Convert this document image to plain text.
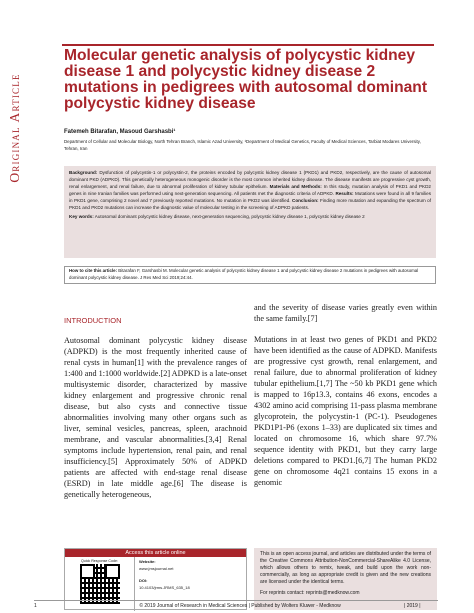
Original Article
Molecular genetic analysis of polycystic kidney disease 1 and polycystic kidney disease 2 mutations in pedigrees with autosomal dominant polycystic kidney disease
Fatemeh Bitarafan, Masoud Garshasbi¹
Department of Cellular and Molecular Biology, North Tehran Branch, Islamic Azad University, ¹Department of Medical Genetics, Faculty of Medical Sciences, Tarbiat Modares University, Tehran, Iran

Background: Dysfunction of polycystin-1 or polycystin-2, the proteins encoded by polycystic kidney disease 1 (PKD1) and PKD2, respectively, are the cause of autosomal dominant PKD (ADPKD). This genetically heterogeneous monogenic disorder is the most common inherited kidney disease. The disease manifests are progressive cyst growth, renal enlargement, and renal failure, due to abnormal proliferation of kidney tubular epithelium. Materials and Methods: In this study, mutation analysis of PKD1 and PKD2 genes in nine Iranian families was performed using next-generation sequencing. All patients met the diagnostic criteria of ADPKD. Results: Mutations were found in all 9 families in PKD1 gene, comprising 2 novel and 7 previously reported mutations. No mutation in PKD2 was identified. Conclusion: Finding more mutation and expanding the spectrum of PKD1 and PKD2 mutations can increase the diagnostic value of molecular testing in the screening of ADPKD patients.

Key words: Autosomal dominant polycystic kidney disease, next-generation sequencing, polycystic kidney disease 1, polycystic kidney disease 2

How to cite this article: Bitarafan F, Garshasbi M. Molecular genetic analysis of polycystic kidney disease 1 and polycystic kidney disease 2 mutations in pedigrees with autosomal dominant polycystic kidney disease. J Res Med Sci 2019;24:44.

INTRODUCTION

Autosomal dominant polycystic kidney disease (ADPKD) is the most frequently inherited cause of renal cysts in human[1] with the prevalence ranges of 1:400 and 1:1000 worldwide.[2] ADPKD is a late-onset multisystemic disorder, characterized by massive kidney enlargement and progressive chronic renal disease, but also cysts and connective tissue abnormalities involving many other organs such as liver, seminal vesicles, pancreas, spleen, arachnoid membrane, and vascular abnormalities.[3,4] Renal symptoms include hypertension, renal pain, and renal insufficiency.[5] Approximately 50% of ADPKD patients are affected with end-stage renal disease (ESRD) in late middle age.[6] The disease is genetically heterogeneous,

and the severity of disease varies greatly even within the same family.[7]

Mutations in at least two genes of PKD1 and PKD2 have been identified as the cause of ADPKD. Manifests are progressive cyst growth, renal enlargement, and renal failure, due to abnormal proliferation of kidney tubular epithelium.[1,7] The ~50 kb PKD1 gene which is mapped to 16p13.3, contains 46 exons, encodes a 4302 amino acid comprising 11-pass plasma membrane glycoprotein, the polycystin-1 (PC-1). Pseudogenes PKD1P1-P6 (exons 1–33) are duplicated six times and located on chromosome 16, which share 97.7% sequence identity with PKD1, but they carry large deletions compared to PKD1.[6,7] The human PKD2 gene on chromosome 4q21 contains 15 exons in a genomic

Access this article online
Quick Response Code:	Website:
www.jmsjournal.net
DOI:
10.4103/jrms.JRMS_635_18
This is an open access journal, and articles are distributed under the terms of the Creative Commons Attribution-NonCommercial-ShareAlike 4.0 License, which allows others to remix, tweak, and build upon the work non-commercially, as long as appropriate credit is given and the new creations are licensed under the identical terms.
For reprints contact: reprints@medknow.com
1	© 2019 Journal of Research in Medical Sciences | Published by Wolters Kluwer - Medknow	| 2019 |
